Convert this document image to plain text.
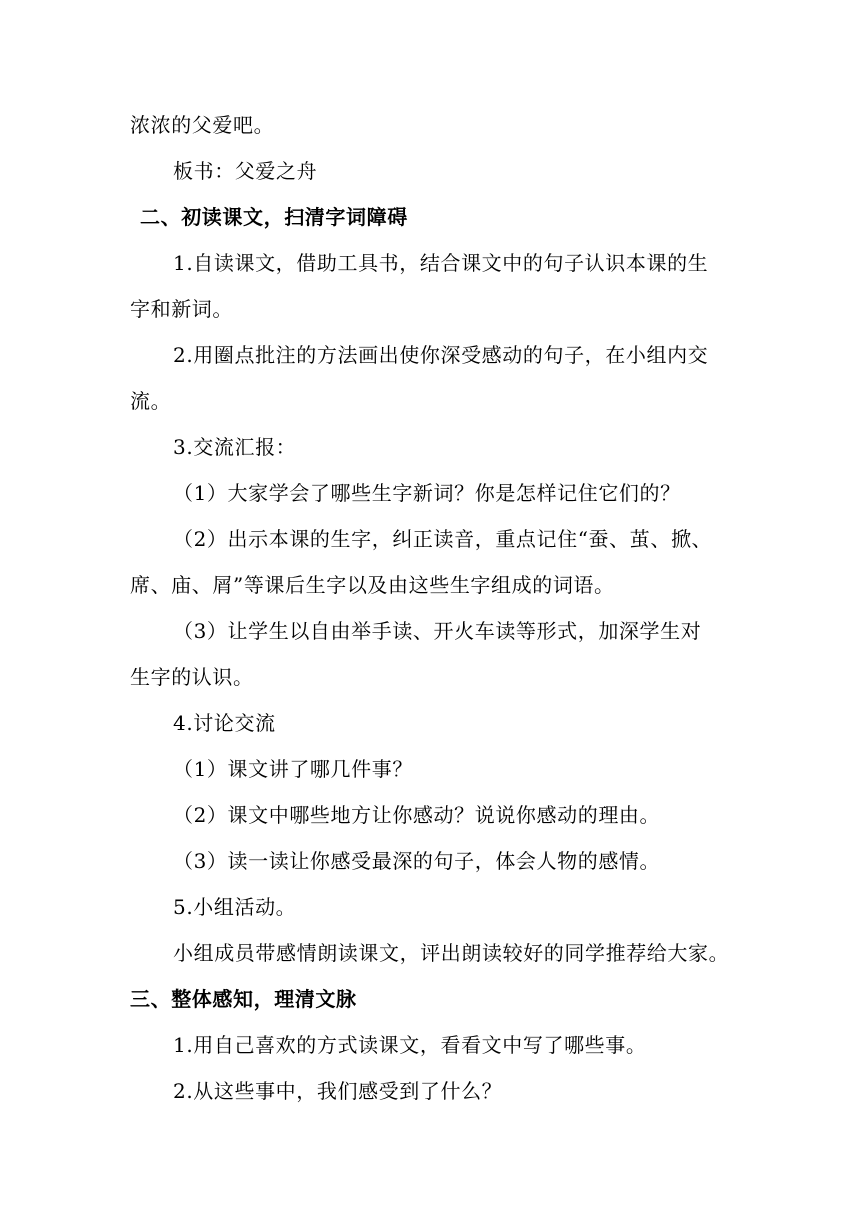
浓浓的父爱吧。
板书：父爱之舟
二、初读课文，扫清字词障碍
1.自读课文，借助工具书，结合课文中的句子认识本课的生
字和新词。
2.用圈点批注的方法画出使你深受感动的句子，在小组内交
流。
3.交流汇报：
（1）大家学会了哪些生字新词？你是怎样记住它们的？
（2）出示本课的生字，纠正读音，重点记住“蚕、茧、掀、
席、庙、屑”等课后生字以及由这些生字组成的词语。
（3）让学生以自由举手读、开火车读等形式，加深学生对
生字的认识。
4.讨论交流
（1）课文讲了哪几件事？
（2）课文中哪些地方让你感动？说说你感动的理由。
（3）读一读让你感受最深的句子，体会人物的感情。
5.小组活动。
小组成员带感情朗读课文，评出朗读较好的同学推荐给大家。
三、整体感知，理清文脉
1.用自己喜欢的方式读课文，看看文中写了哪些事。
2.从这些事中，我们感受到了什么？
